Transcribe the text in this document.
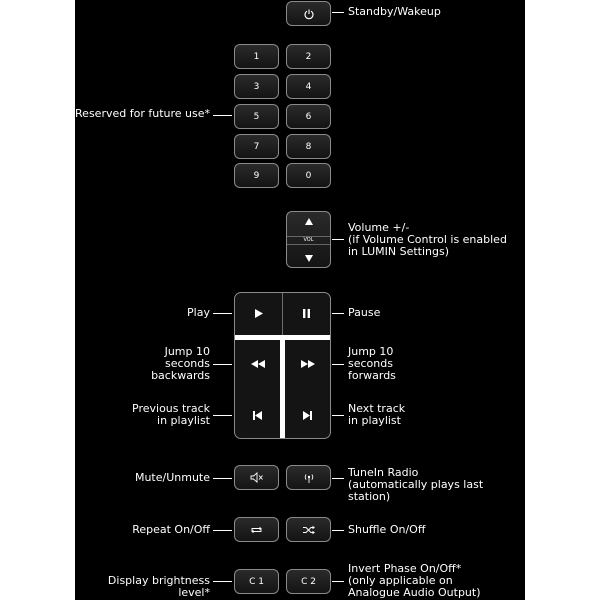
Standby/Wakeup
1	2
3	4
5	6
7	8
9	0
Reserved for future use*
VOL
Volume +/-
(if Volume Control is enabled
in LUMIN Settings)
Play	Pause
Jump 10
seconds
backwards
Jump 10
seconds
forwards
Previous track
in playlist
Next track
in playlist
Mute/Unmute	TuneIn Radio
(automatically plays last station)
Repeat On/Off	Shuffle On/Off
C 1	C 2
Display brightness level*
Invert Phase On/Off*
(only applicable on
Analogue Audio Output)
